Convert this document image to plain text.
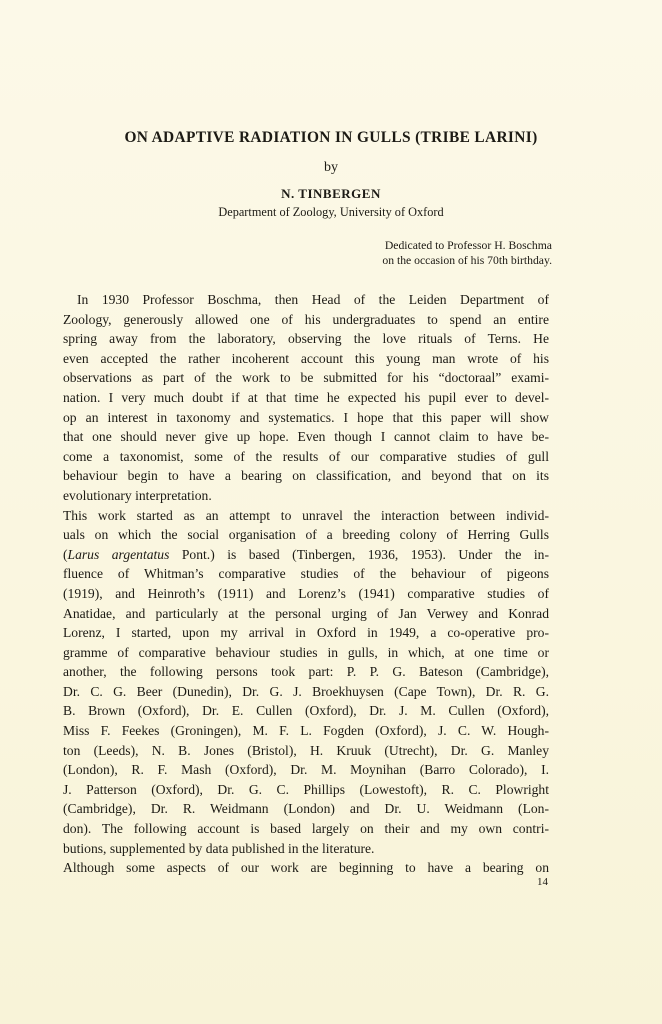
ON ADAPTIVE RADIATION IN GULLS (TRIBE LARINI)
by
N. TINBERGEN
Department of Zoology, University of Oxford
Dedicated to Professor H. Boschma
on the occasion of his 70th birthday.
In 1930 Professor Boschma, then Head of the Leiden Department of
Zoology, generously allowed one of his undergraduates to spend an entire
spring away from the laboratory, observing the love rituals of Terns. He
even accepted the rather incoherent account this young man wrote of his
observations as part of the work to be submitted for his “doctoraal” exami-
nation. I very much doubt if at that time he expected his pupil ever to devel-
op an interest in taxonomy and systematics. I hope that this paper will show
that one should never give up hope. Even though I cannot claim to have be-
come a taxonomist, some of the results of our comparative studies of gull
behaviour begin to have a bearing on classification, and beyond that on its
evolutionary interpretation.
This work started as an attempt to unravel the interaction between individ-
uals on which the social organisation of a breeding colony of Herring Gulls
(Larus argentatus Pont.) is based (Tinbergen, 1936, 1953). Under the in-
fluence of Whitman’s comparative studies of the behaviour of pigeons
(1919), and Heinroth’s (1911) and Lorenz’s (1941) comparative studies of
Anatidae, and particularly at the personal urging of Jan Verwey and Konrad
Lorenz, I started, upon my arrival in Oxford in 1949, a co-operative pro-
gramme of comparative behaviour studies in gulls, in which, at one time or
another, the following persons took part: P. P. G. Bateson (Cambridge),
Dr. C. G. Beer (Dunedin), Dr. G. J. Broekhuysen (Cape Town), Dr. R. G.
B. Brown (Oxford), Dr. E. Cullen (Oxford), Dr. J. M. Cullen (Oxford),
Miss F. Feekes (Groningen), M. F. L. Fogden (Oxford), J. C. W. Hough-
ton (Leeds), N. B. Jones (Bristol), H. Kruuk (Utrecht), Dr. G. Manley
(London), R. F. Mash (Oxford), Dr. M. Moynihan (Barro Colorado), I.
J. Patterson (Oxford), Dr. G. C. Phillips (Lowestoft), R. C. Plowright
(Cambridge), Dr. R. Weidmann (London) and Dr. U. Weidmann (Lon-
don). The following account is based largely on their and my own contri-
butions, supplemented by data published in the literature.
Although some aspects of our work are beginning to have a bearing on
14
